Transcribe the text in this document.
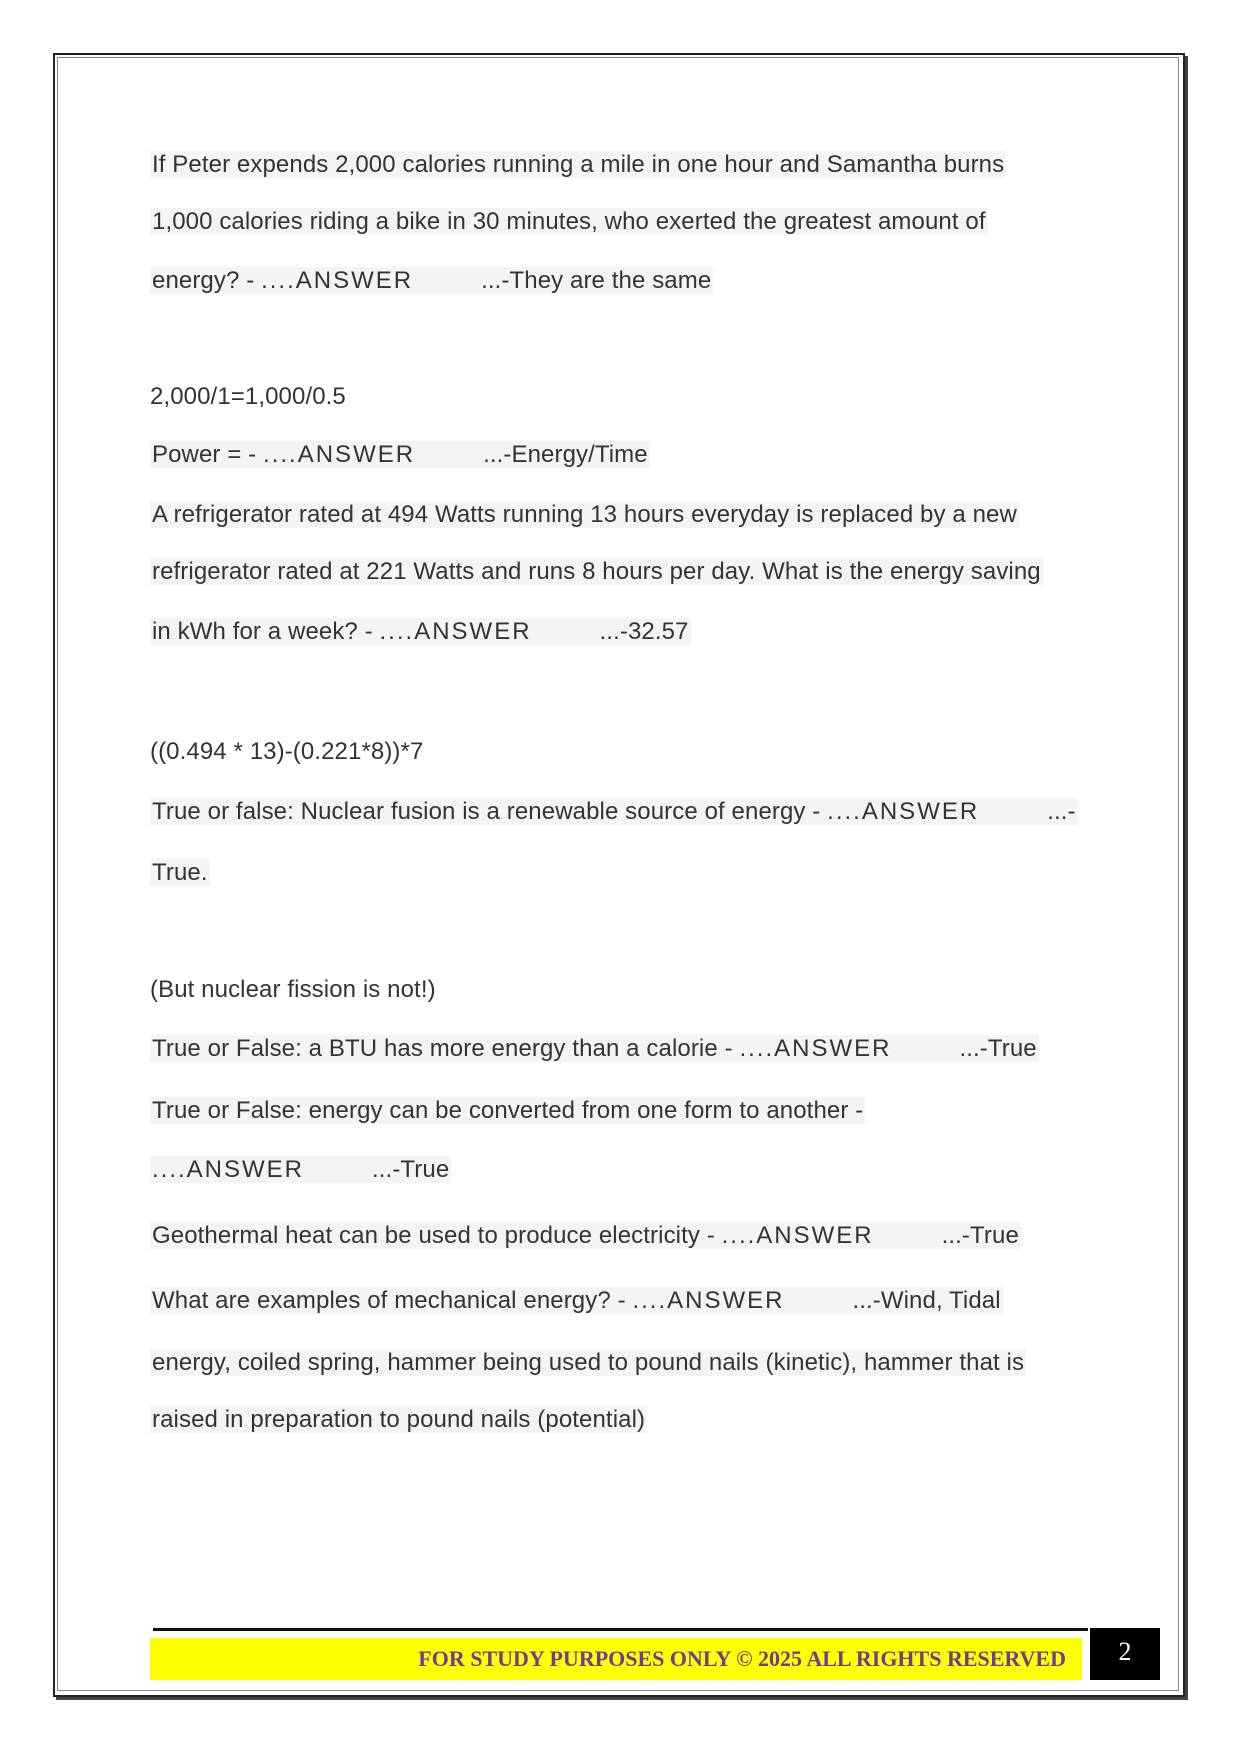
If Peter expends 2,000 calories running a mile in one hour and Samantha burns
1,000 calories riding a bike in 30 minutes, who exerted the greatest amount of
energy? - ....ANSWER	...-They are the same
2,000/1=1,000/0.5
Power = - ....ANSWER	...-Energy/Time
A refrigerator rated at 494 Watts running 13 hours everyday is replaced by a new
refrigerator rated at 221 Watts and runs 8 hours per day. What is the energy saving
in kWh for a week? - ....ANSWER	...-32.57
((0.494 * 13)-(0.221*8))*7
True or false: Nuclear fusion is a renewable source of energy - ....ANSWER	...-
True.
(But nuclear fission is not!)
True or False: a BTU has more energy than a calorie - ....ANSWER	...-True
True or False: energy can be converted from one form to another -
....ANSWER	...-True
Geothermal heat can be used to produce electricity - ....ANSWER	...-True
What are examples of mechanical energy? - ....ANSWER	...-Wind, Tidal
energy, coiled spring, hammer being used to pound nails (kinetic), hammer that is
raised in preparation to pound nails (potential)
FOR STUDY PURPOSES ONLY © 2025 ALL RIGHTS RESERVED	2
